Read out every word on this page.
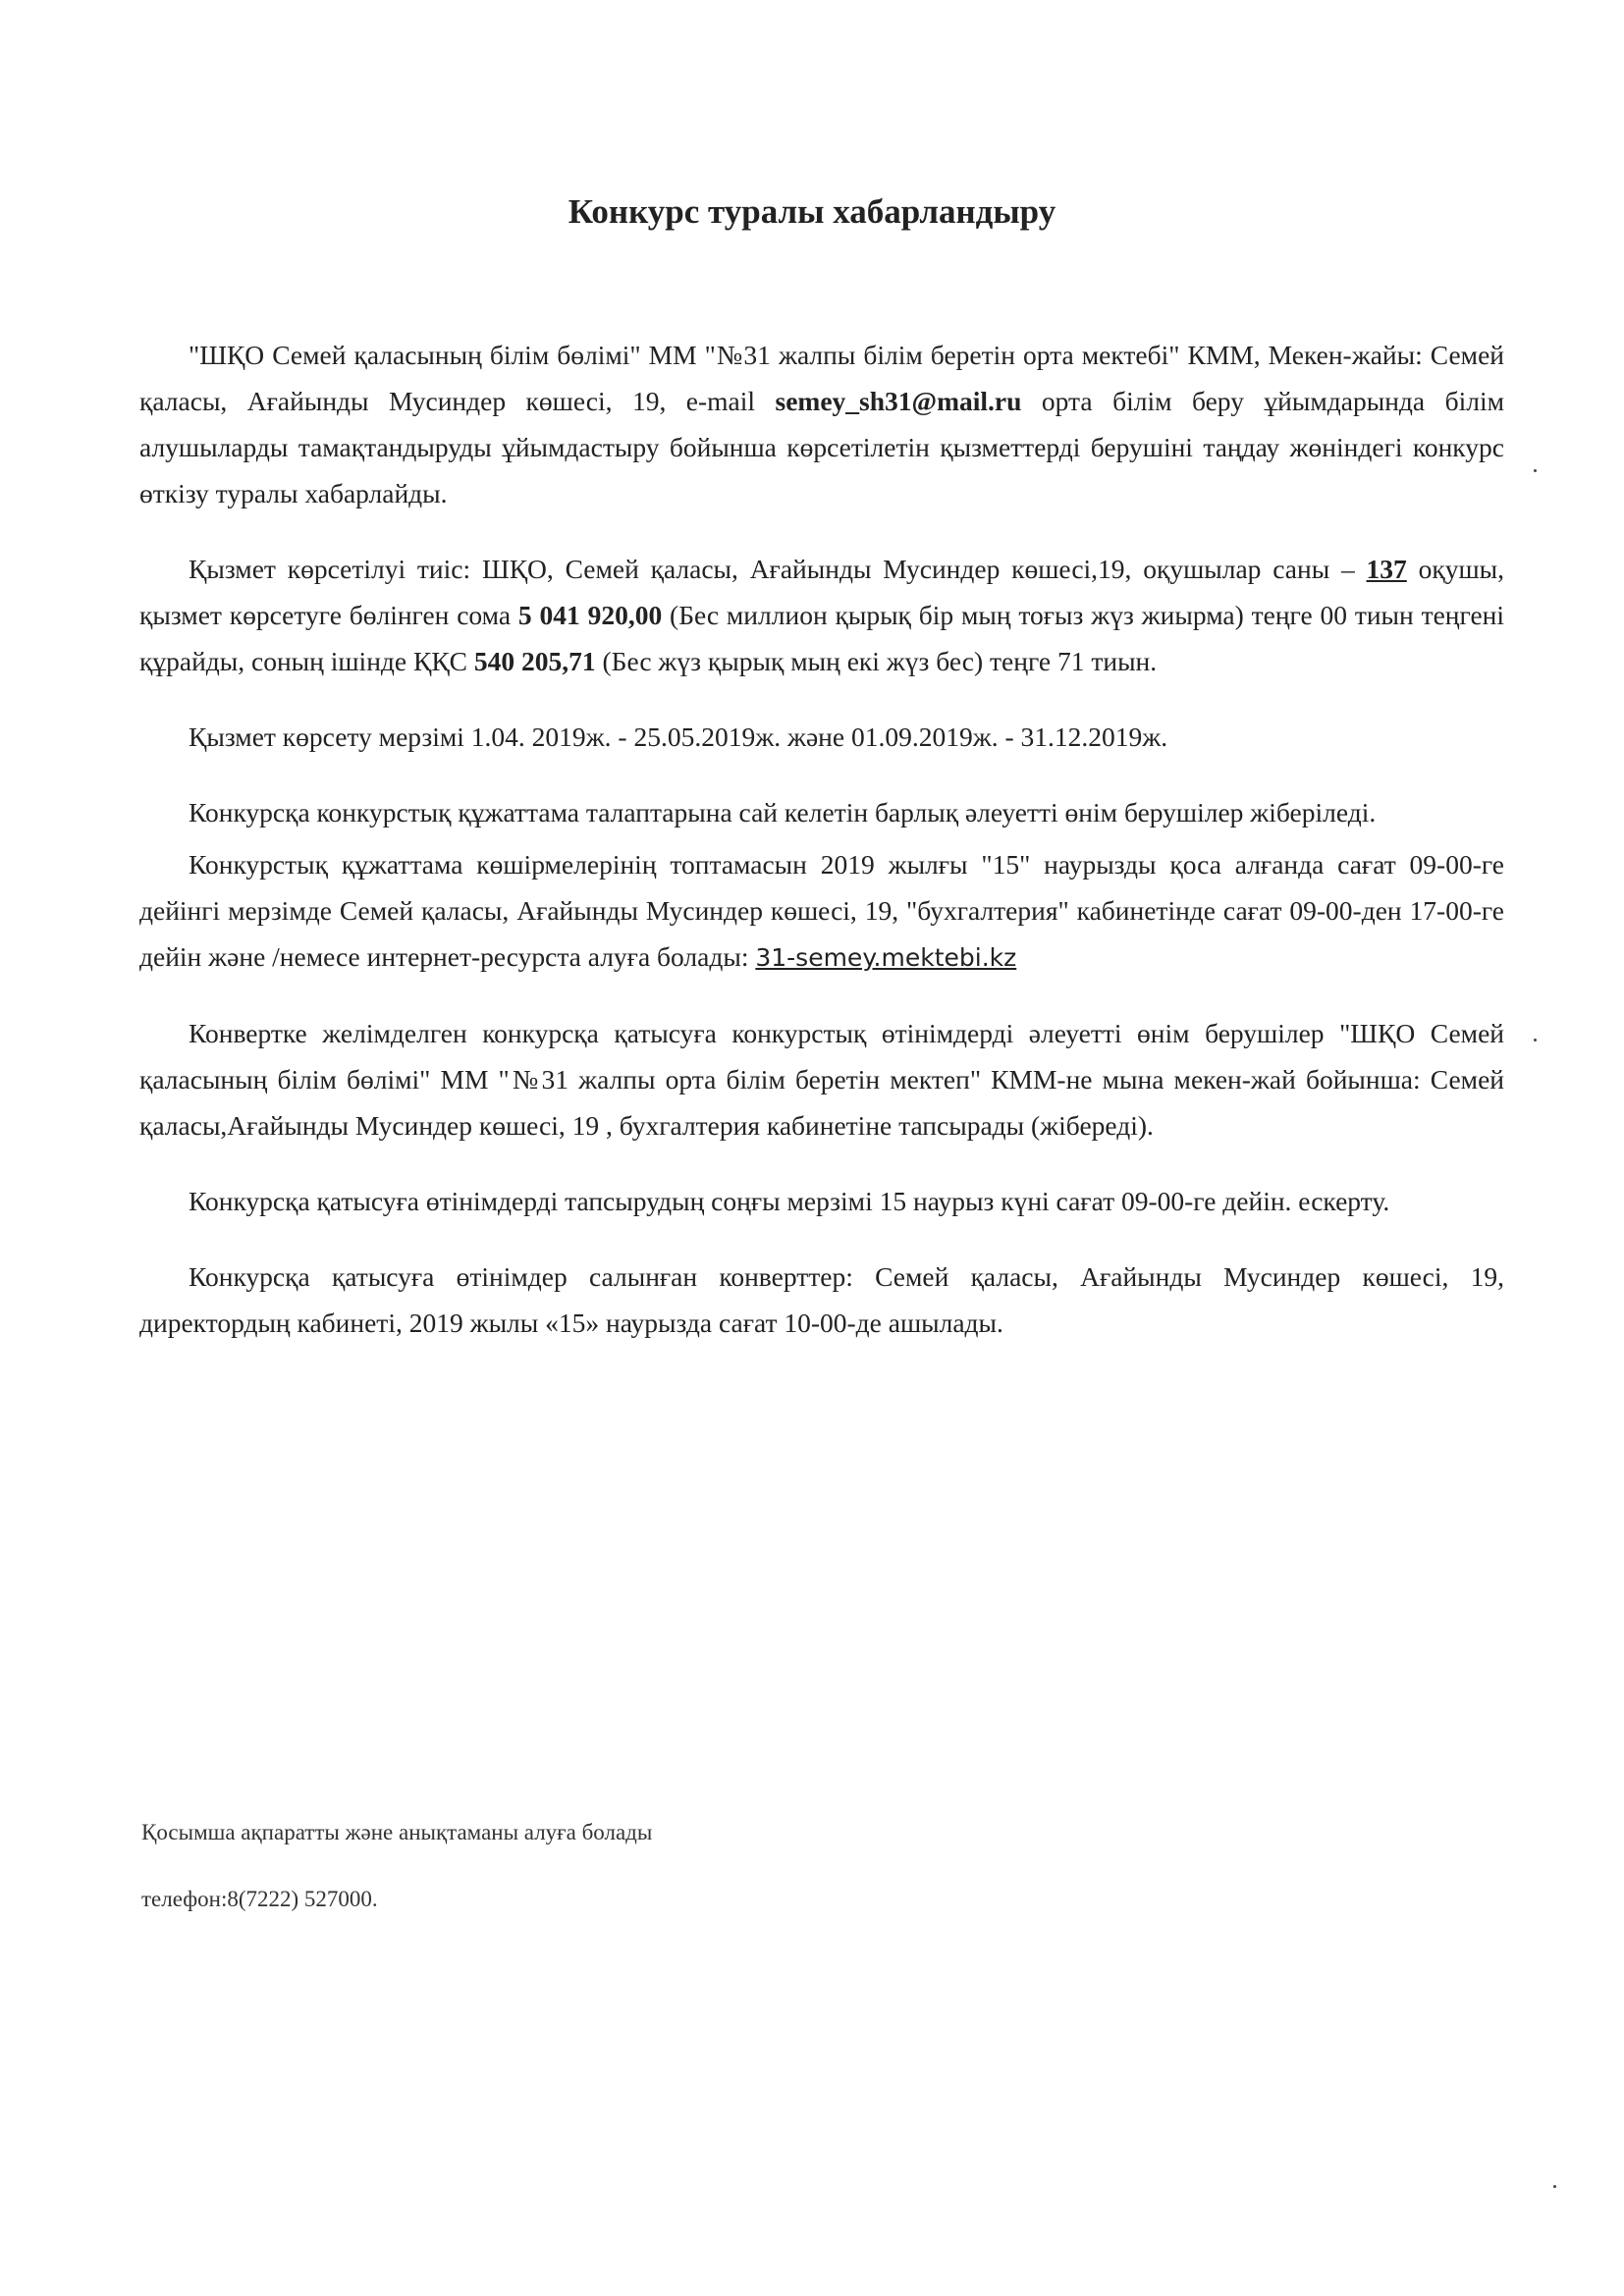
Конкурс туралы хабарландыру

"ШҚО Семей қаласының білім бөлімі" ММ "№31 жалпы білім беретін орта мектебі" КММ, Мекен-жайы: Семей қаласы, Ағайынды Мусиндер көшесі, 19, e-mail semey_sh31@mail.ru орта білім беру ұйымдарында білім алушыларды тамақтандыруды ұйымдастыру бойынша көрсетілетін қызметтерді берушіні таңдау жөніндегі конкурс өткізу туралы хабарлайды.

Қызмет көрсетілуі тиіс: ШҚО, Семей қаласы, Ағайынды Мусиндер көшесі,19, оқушылар саны – 137 оқушы, қызмет көрсетуге бөлінген сома 5 041 920,00 (Бес миллион қырық бір мың тоғыз жүз жиырма) теңге 00 тиын теңгені құрайды, соның ішінде ҚҚС 540 205,71 (Бес жүз қырық мың екі жүз бес) теңге 71 тиын.

Қызмет көрсету мерзімі 1.04. 2019ж. - 25.05.2019ж. және 01.09.2019ж. - 31.12.2019ж.

Конкурсқа конкурстық құжаттама талаптарына сай келетін барлық әлеуетті өнім берушілер жіберіледі.

Конкурстық құжаттама көшірмелерінің топтамасын 2019 жылғы "15" наурызды қоса алғанда сағат 09-00-ге дейінгі мерзімде Семей қаласы, Ағайынды Мусиндер көшесі, 19, "бухгалтерия" кабинетінде сағат 09-00-ден 17-00-ге дейін және /немесе интернет-ресурста алуға болады: 31-semey.mektebi.kz

Конвертке желімделген конкурсқа қатысуға конкурстық өтінімдерді әлеуетті өнім берушілер "ШҚО Семей қаласының білім бөлімі" ММ "№31 жалпы орта білім беретін мектеп" КММ-не мына мекен-жай бойынша: Семей қаласы,Ағайынды Мусиндер көшесі, 19 , бухгалтерия кабинетіне тапсырады (жібереді).

Конкурсқа қатысуға өтінімдерді тапсырудың соңғы мерзімі 15 наурыз күні сағат 09-00-ге дейін. ескерту.

Конкурсқа қатысуға өтінімдер салынған конверттер: Семей қаласы, Ағайынды Мусиндер көшесі, 19, директордың кабинеті, 2019 жылы «15» наурызда сағат 10-00-де ашылады.

Қосымша ақпаратты және анықтаманы алуға болады
телефон:8(7222) 527000.
